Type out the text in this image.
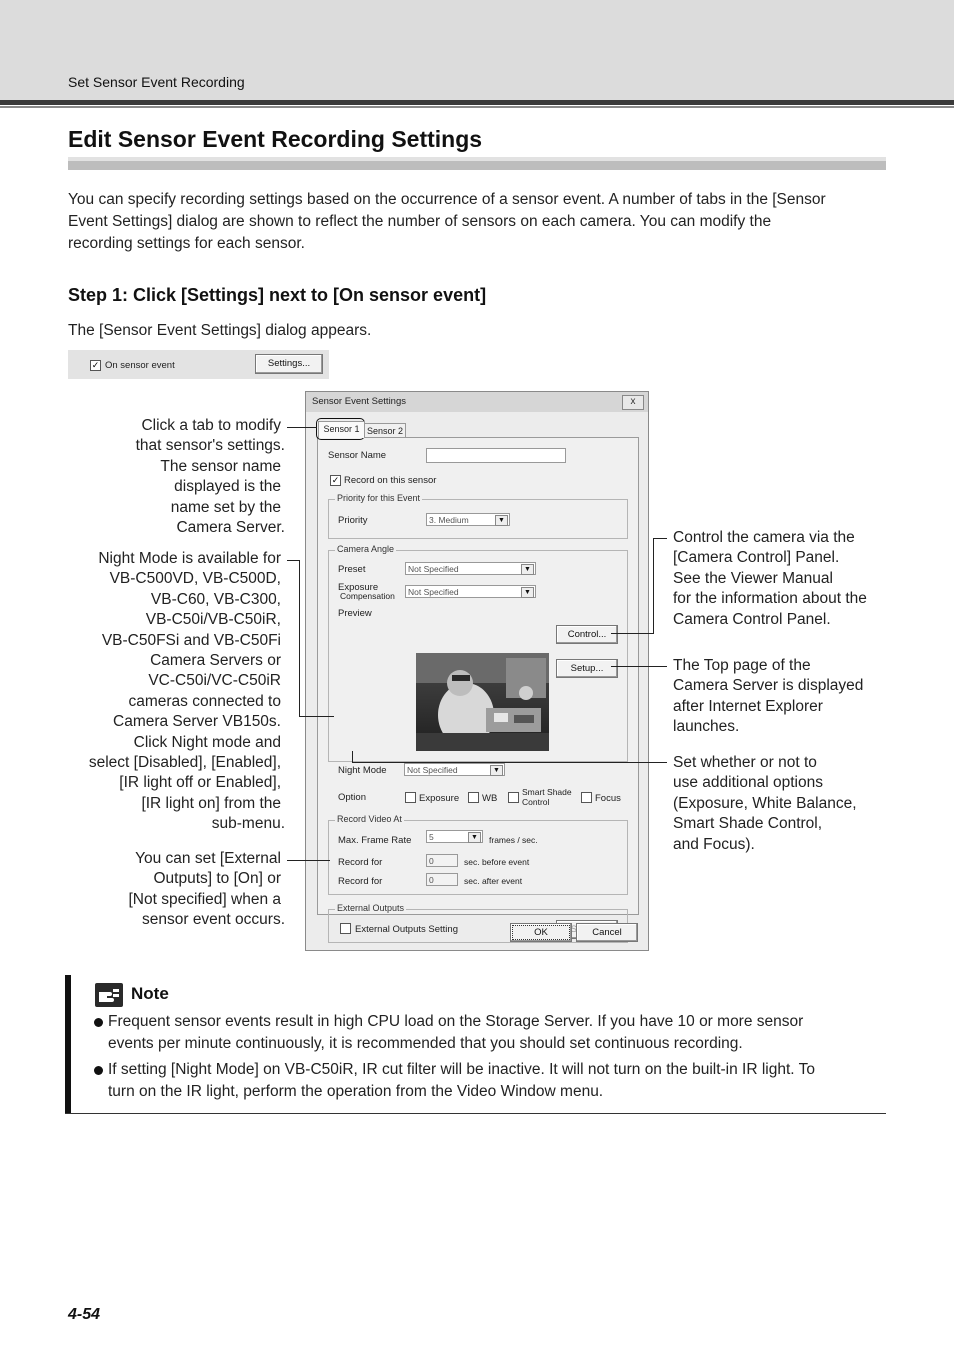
Set Sensor Event Recording
Edit Sensor Event Recording Settings
You can specify recording settings based on the occurrence of a sensor event. A number of tabs in the [Sensor
Event Settings] dialog are shown to reflect the number of sensors on each camera. You can modify the
recording settings for each sensor.
Step 1: Click [Settings] next to [On sensor event]
The [Sensor Event Settings] dialog appears.
✓ On sensor event	Settings...
Sensor Event Settings	x
Sensor 1 Sensor 2
Sensor Name
✓ Record on this sensor
Priority for this Event
Priority	3. Medium	▼
Camera Angle
Preset	Not Specified	▼
Exposure
Compensation	Not Specified	▼
Preview
Control...
Setup...
Night Mode	Not Specified	▼
Option	Exposure WB
Smart Shade
Control	Focus
Record Video At
Max. Frame Rate	5	▼	frames / sec.
Record for	0	sec. before event
Record for	0	sec. after event
External Outputs
External Outputs Setting	OK	Cancel
Click a tab to modify
that sensor's settings.
The sensor name
displayed is the
name set by the
Camera Server.
Night Mode is available for
VB-C500VD, VB-C500D,
VB-C60, VB-C300,
VB-C50i/VB-C50iR,
VB-C50FSi and VB-C50Fi
Camera Servers or
VC-C50i/VC-C50iR
cameras connected to
Camera Server VB150s.
Click Night mode and
select [Disabled], [Enabled],
[IR light off or Enabled],
[IR light on] from the
sub-menu.
You can set [External
Outputs] to [On] or
[Not specified] when a
sensor event occurs.
Control the camera via the
[Camera Control] Panel.
See the Viewer Manual
for the information about the
Camera Control Panel.
The Top page of the
Camera Server is displayed
after Internet Explorer
launches.
Set whether or not to
use additional options
(Exposure, White Balance,
Smart Shade Control,
and Focus).
Note
Frequent sensor events result in high CPU load on the Storage Server. If you have 10 or more sensor
events per minute continuously, it is recommended that you should set continuous recording.
If setting [Night Mode] on VB-C50iR, IR cut filter will be inactive. It will not turn on the built-in IR light. To
turn on the IR light, perform the operation from the Video Window menu.
4-54
